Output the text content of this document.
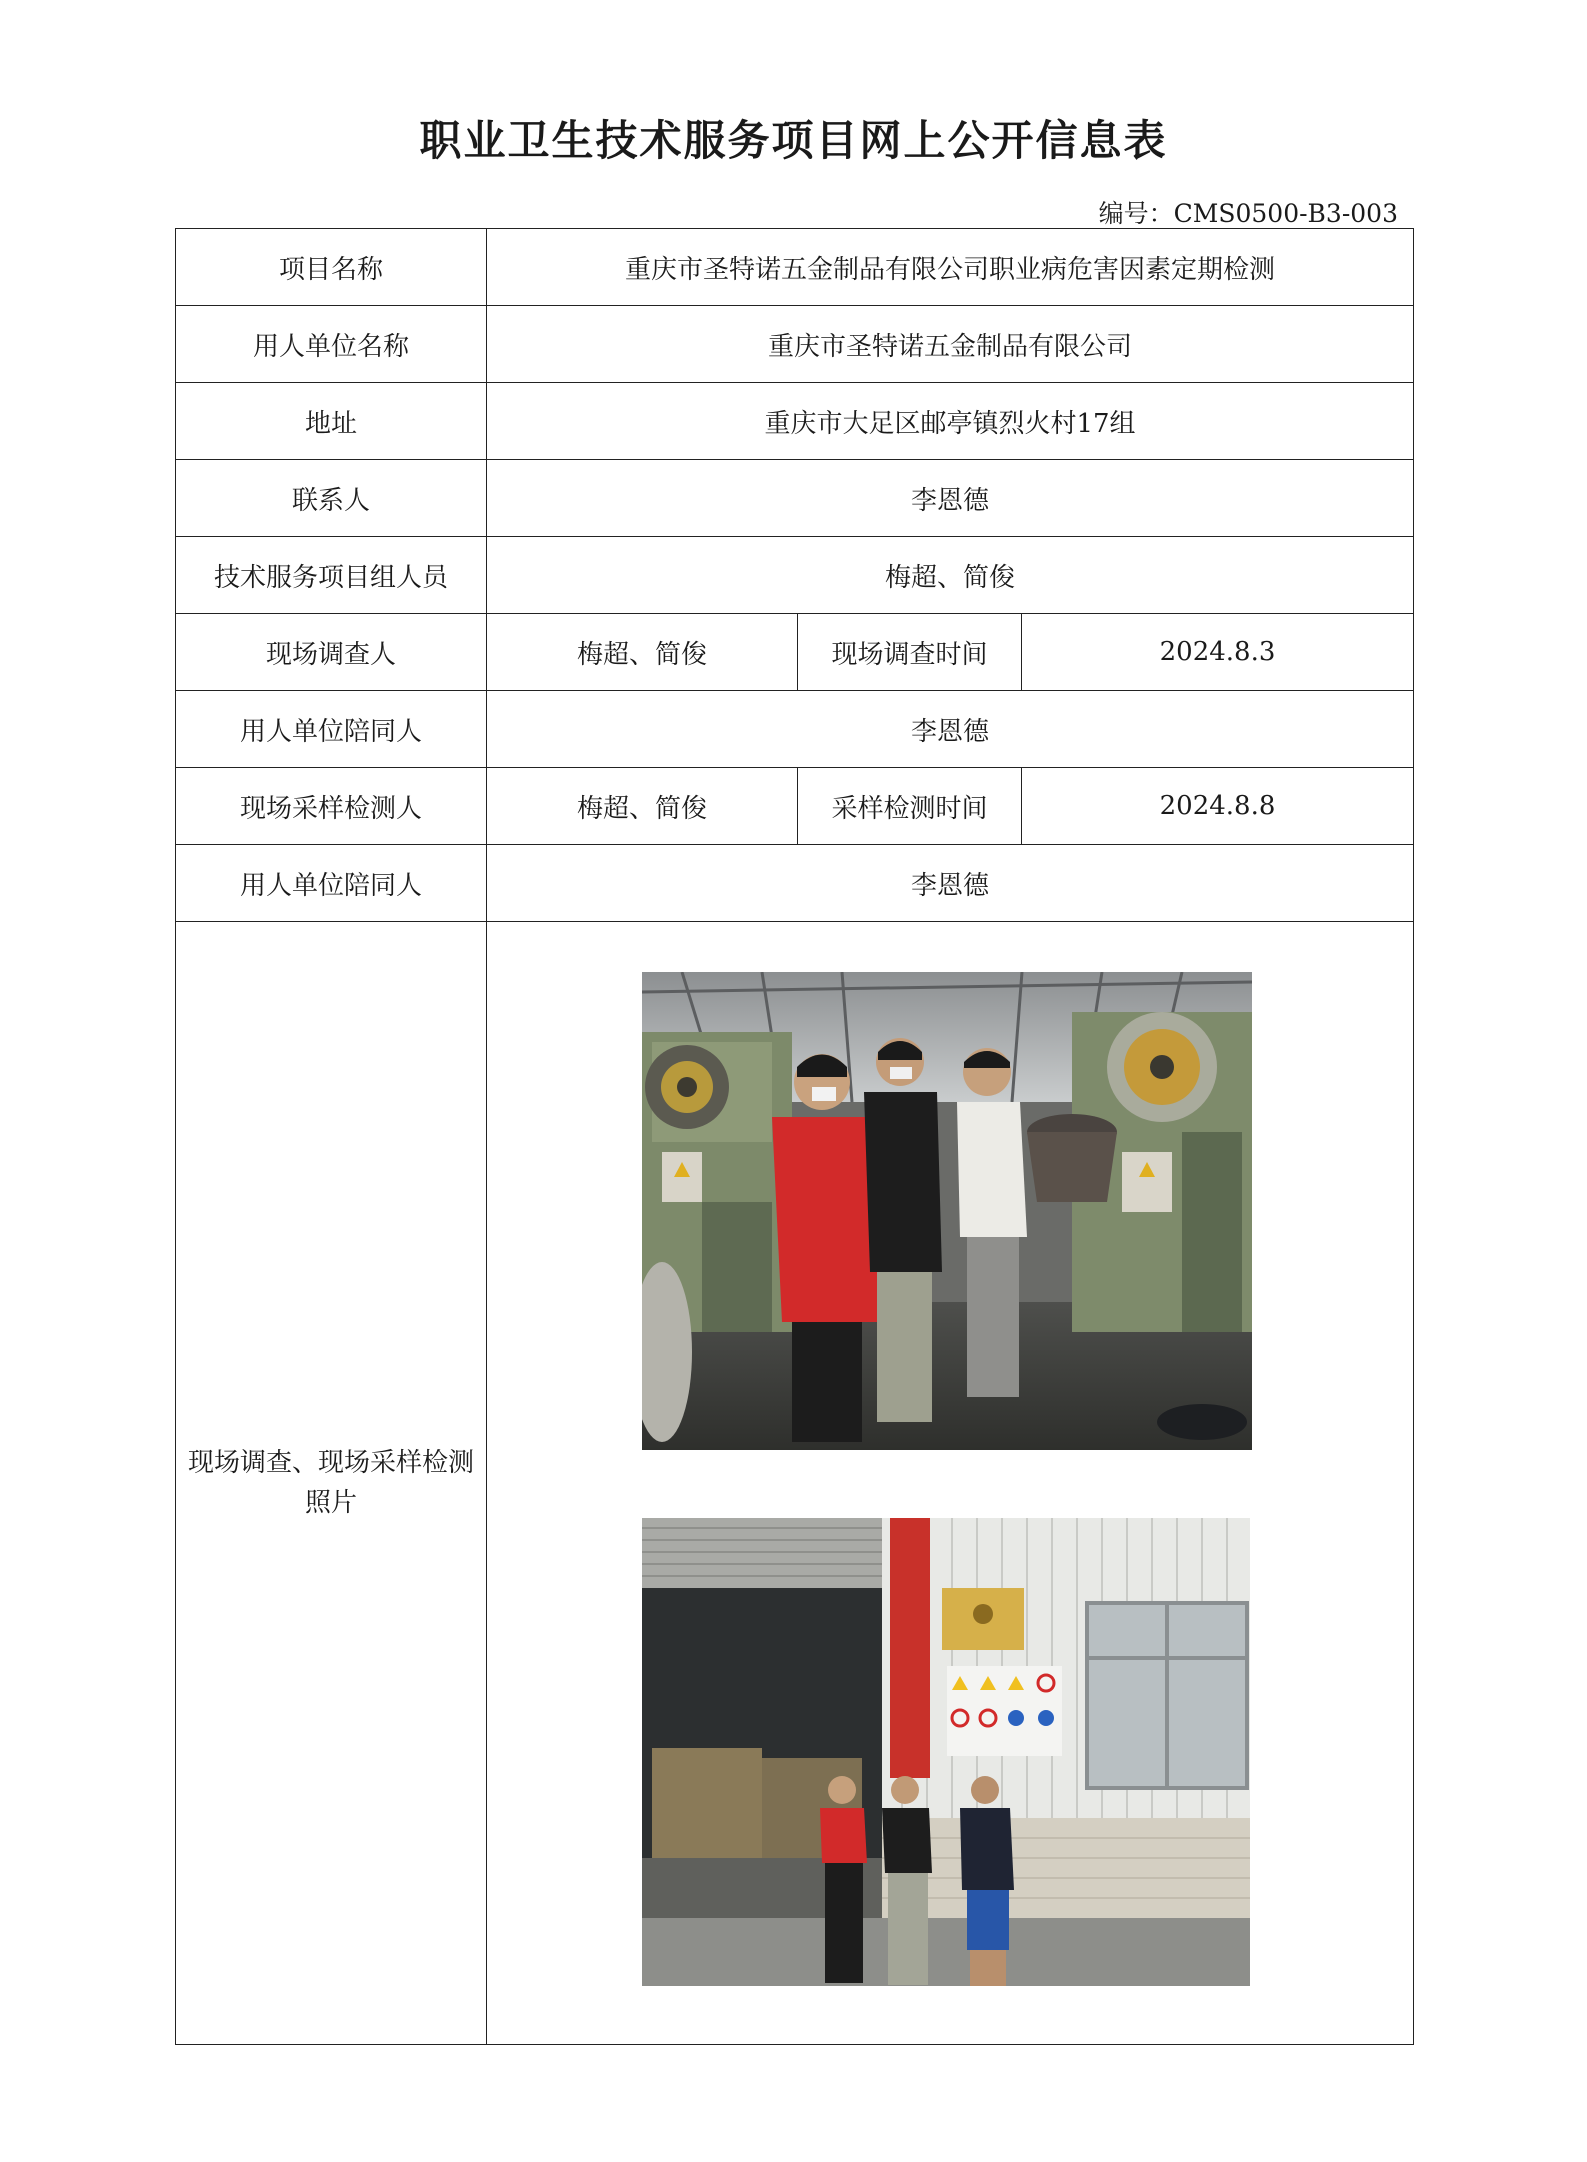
职业卫生技术服务项目网上公开信息表
编号：CMS0500-B3-003
项目名称	重庆市圣特诺五金制品有限公司职业病危害因素定期检测		
用人单位名称	重庆市圣特诺五金制品有限公司		
地址	重庆市大足区邮亭镇烈火村17组		
联系人	李恩德		
技术服务项目组人员	梅超、简俊		
现场调查人	梅超、简俊	现场调查时间	2024.8.3
用人单位陪同人	李恩德		
现场采样检测人	梅超、简俊	采样检测时间	2024.8.8
用人单位陪同人	李恩德		

现场调查、现场采样检测照片
